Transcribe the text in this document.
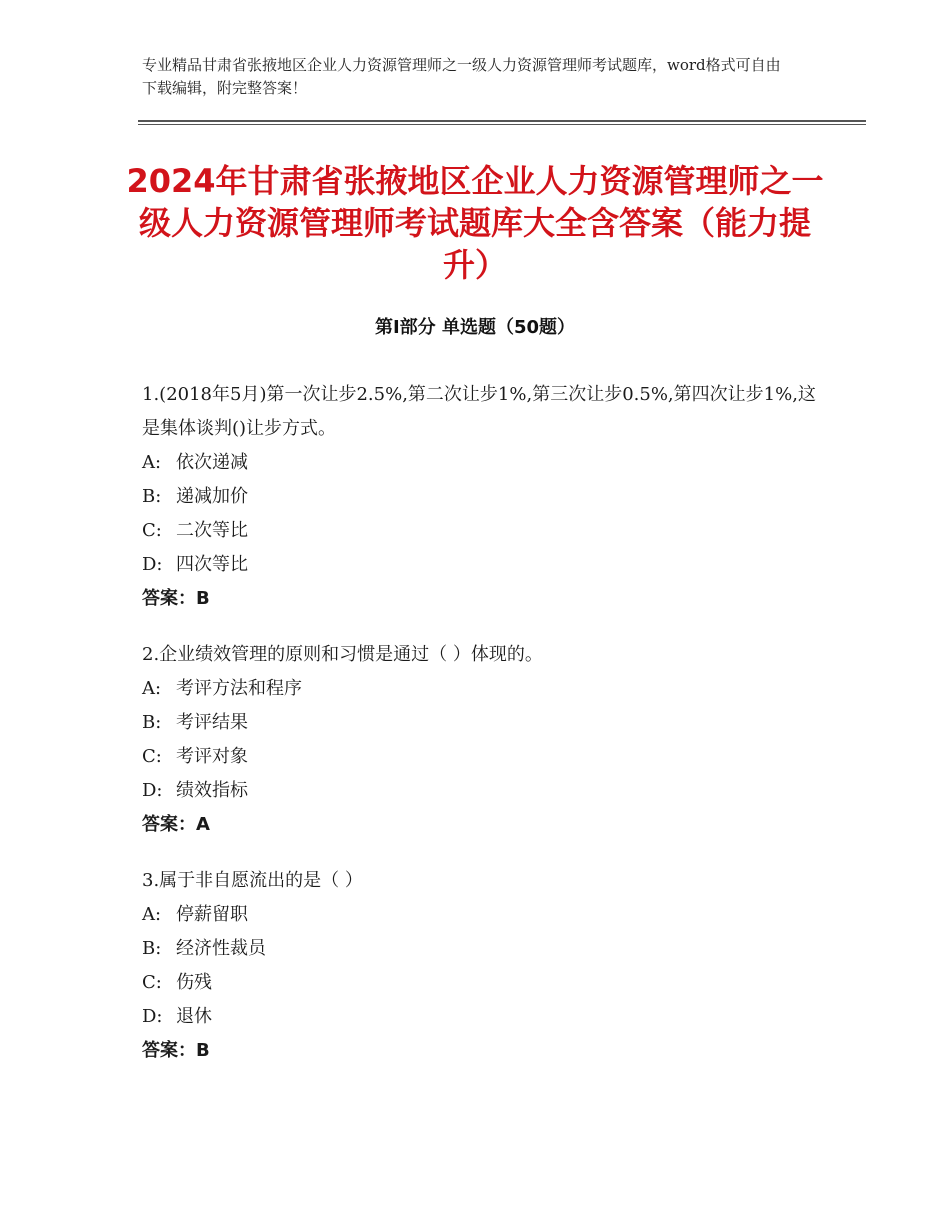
专业精品甘肃省张掖地区企业人力资源管理师之一级人力资源管理师考试题库，word格式可自由下载编辑，附完整答案！
2024年甘肃省张掖地区企业人力资源管理师之一级人力资源管理师考试题库大全含答案（能力提升）
第Ⅰ部分 单选题（50题）

1.(2018年5月)第一次让步2.5%,第二次让步1%,第三次让步0.5%,第四次让步1%,这是集体谈判()让步方式。

A: 依次递减

B: 递减加价

C: 二次等比

D: 四次等比

答案：B

2.企业绩效管理的原则和习惯是通过（ ）体现的。

A: 考评方法和程序

B: 考评结果

C: 考评对象

D: 绩效指标

答案：A

3.属于非自愿流出的是（ ）

A: 停薪留职

B: 经济性裁员

C: 伤残

D: 退休

答案：B
